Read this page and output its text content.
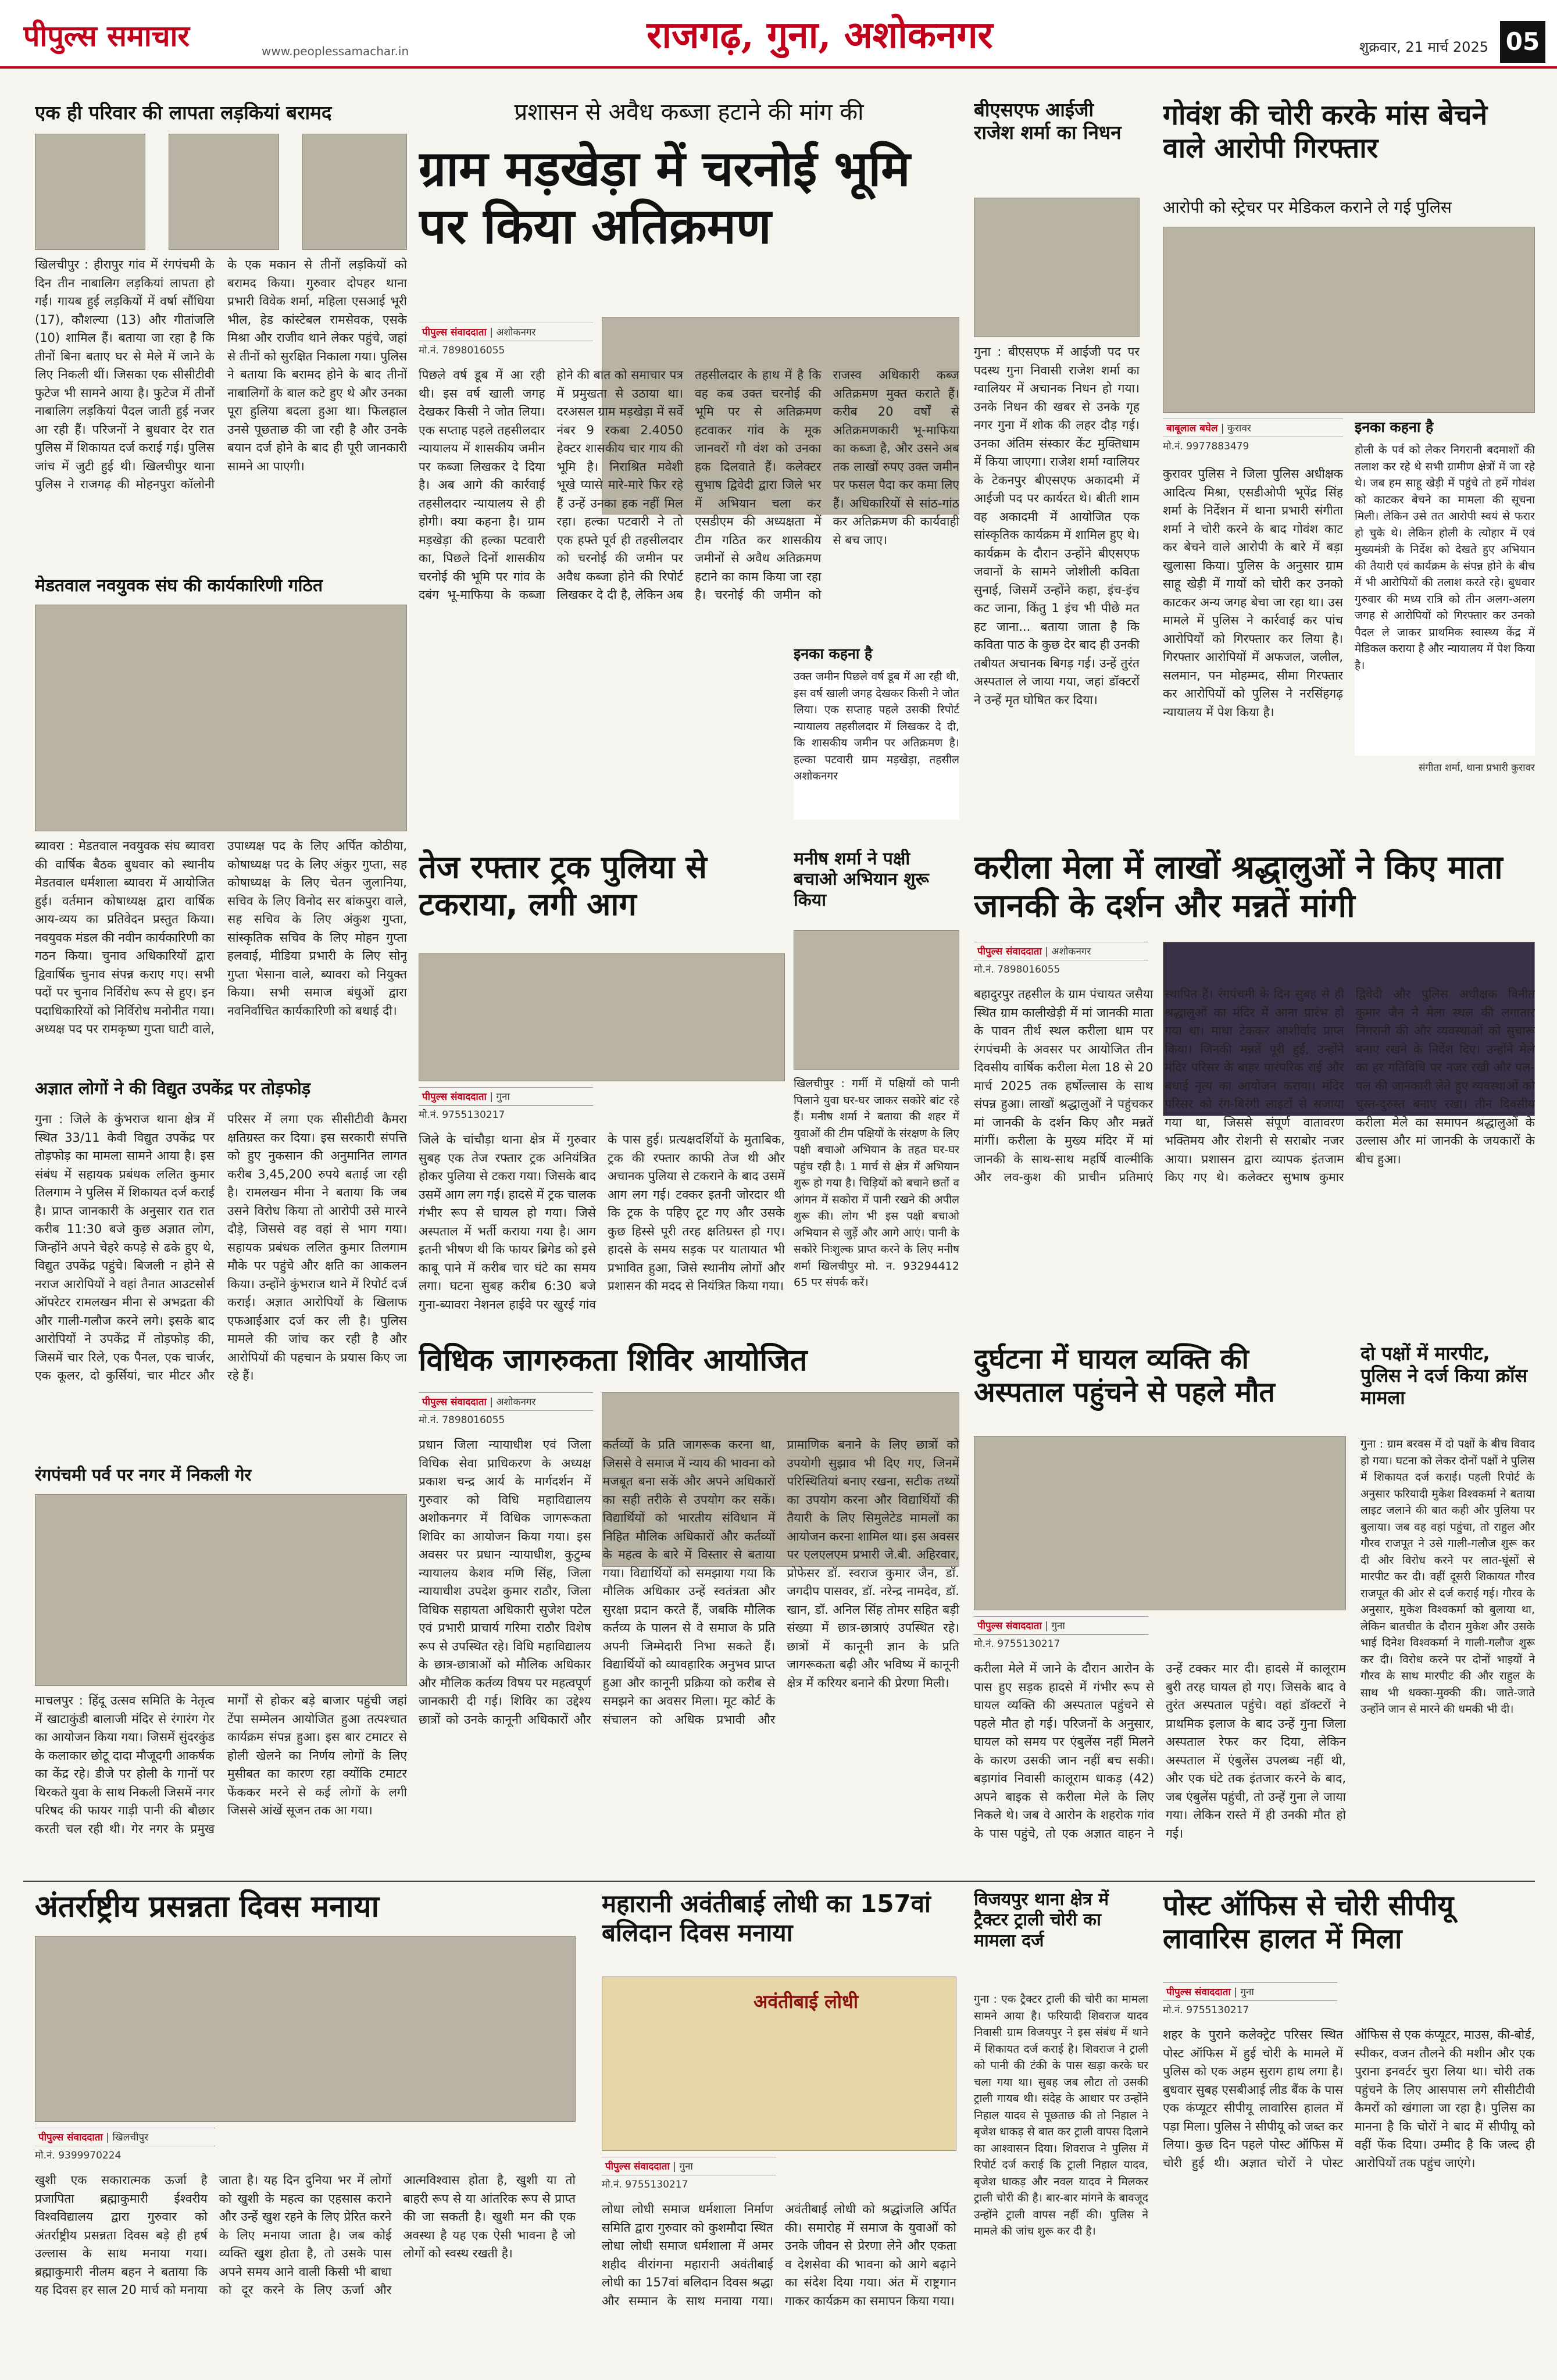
पीपुल्स समाचार	www.peoplessamachar.in	राजगढ़, गुना, अशोकनगर	शुक्रवार, 21 मार्च 2025 05
एक ही परिवार की लापता लड़कियां बरामद
खिलचीपुर : हीरापुर गांव में रंगपंचमी के दिन तीन नाबालिग लड़कियां लापता हो गईं। गायब हुई लड़कियों में वर्षा सौंधिया (17), कौशल्या (13) और गीतांजलि (10) शामिल हैं। बताया जा रहा है कि तीनों बिना बताए घर से मेले में जाने के लिए निकली थीं। जिसका एक सीसीटीवी फुटेज भी सामने आया है। फुटेज में तीनों नाबालिग लड़कियां पैदल जाती हुई नजर आ रही हैं। परिजनों ने बुधवार देर रात पुलिस में शिकायत दर्ज कराई गई। पुलिस जांच में जुटी हुई थी। खिलचीपुर थाना पुलिस ने राजगढ़ की मोहनपुरा कॉलोनी के एक मकान से तीनों लड़कियों को बरामद किया। गुरुवार दोपहर थाना प्रभारी विवेक शर्मा, महिला एसआई भूरी भील, हेड कांस्टेबल रामसेवक, एसके मिश्रा और राजीव थाने लेकर पहुंचे, जहां से तीनों को सुरक्षित निकाला गया। पुलिस ने बताया कि बरामद होने के बाद तीनों नाबालिगों के बाल कटे हुए थे और उनका पूरा हुलिया बदला हुआ था। फिलहाल उनसे पूछताछ की जा रही है और उनके बयान दर्ज होने के बाद ही पूरी जानकारी सामने आ पाएगी।
मेडतवाल नवयुवक संघ की कार्यकारिणी गठित
ब्यावरा : मेडतवाल नवयुवक संघ ब्यावरा की वार्षिक बैठक बुधवार को स्थानीय मेडतवाल धर्मशाला ब्यावरा में आयोजित हुई। वर्तमान कोषाध्यक्ष द्वारा वार्षिक आय-व्यय का प्रतिवेदन प्रस्तुत किया। नवयुवक मंडल की नवीन कार्यकारिणी का गठन किया। चुनाव अधिकारियों द्वारा द्विवार्षिक चुनाव संपन्न कराए गए। सभी पदों पर चुनाव निर्विरोध रूप से हुए। इन पदाधिकारियों को निर्विरोध मनोनीत गया। अध्यक्ष पद पर रामकृष्ण गुप्ता घाटी वाले, उपाध्यक्ष पद के लिए अर्पित कोठीया, कोषाध्यक्ष पद के लिए अंकुर गुप्ता, सह कोषाध्यक्ष के लिए चेतन जुलानिया, सचिव के लिए विनोद सर बांकपुरा वाले, सह सचिव के लिए अंकुश गुप्ता, सांस्कृतिक सचिव के लिए मोहन गुप्ता हलवाई, मीडिया प्रभारी के लिए सोनू गुप्ता भेसाना वाले, ब्यावरा को नियुक्त किया। सभी समाज बंधुओं द्वारा नवनिर्वाचित कार्यकारिणी को बधाई दी।
अज्ञात लोगों ने की विद्युत उपकेंद्र पर तोड़फोड़
गुना : जिले के कुंभराज थाना क्षेत्र में स्थित 33/11 केवी विद्युत उपकेंद्र पर तोड़फोड़ का मामला सामने आया है। इस संबंध में सहायक प्रबंधक ललित कुमार तिलगाम ने पुलिस में शिकायत दर्ज कराई है। प्राप्त जानकारी के अनुसार रात रात करीब 11:30 बजे कुछ अज्ञात लोग, जिन्होंने अपने चेहरे कपड़े से ढके हुए थे, विद्युत उपकेंद्र पहुंचे। बिजली न होने से नराज आरोपियों ने वहां तैनात आउटसोर्स ऑपरेटर रामलखन मीना से अभद्रता की और गाली-गलौज करने लगे। इसके बाद आरोपियों ने उपकेंद्र में तोड़फोड़ की, जिसमें चार रिले, एक पैनल, एक चार्जर, एक कूलर, दो कुर्सियां, चार मीटर और परिसर में लगा एक सीसीटीवी कैमरा क्षतिग्रस्त कर दिया। इस सरकारी संपत्ति को हुए नुकसान की अनुमानित लागत करीब 3,45,200 रुपये बताई जा रही है। रामलखन मीना ने बताया कि जब उसने विरोध किया तो आरोपी उसे मारने दौड़े, जिससे वह वहां से भाग गया। सहायक प्रबंधक ललित कुमार तिलगाम मौके पर पहुंचे और क्षति का आकलन किया। उन्होंने कुंभराज थाने में रिपोर्ट दर्ज कराई। अज्ञात आरोपियों के खिलाफ एफआईआर दर्ज कर ली है। पुलिस मामले की जांच कर रही है और आरोपियों की पहचान के प्रयास किए जा रहे हैं।
रंगपंचमी पर्व पर नगर में निकली गेर
माचलपुर : हिंदू उत्सव समिति के नेतृत्व में खाटाकुंडी बालाजी मंदिर से रंगारंग गेर का आयोजन किया गया। जिसमें सुंदरकुंड के कलाकार छोटू दादा मौजूदगी आकर्षक का केंद्र रहे। डीजे पर होली के गानों पर थिरकते युवा के साथ निकली जिसमें नगर परिषद की फायर गाड़ी पानी की बौछार करती चल रही थी। गेर नगर के प्रमुख मार्गों से होकर बड़े बाजार पहुंची जहां टेंपा सम्मेलन आयोजित हुआ तत्पश्चात कार्यक्रम संपन्न हुआ। इस बार टमाटर से होली खेलने का निर्णय लोगों के लिए मुसीबत का कारण रहा क्योंकि टमाटर फेंककर मरने से कई लोगों के लगी जिससे आंखें सूजन तक आ गया।
प्रशासन से अवैध कब्जा हटाने की मांग की
ग्राम मड़खेड़ा में चरनोई भूमि पर किया अतिक्रमण
पीपुल्स संवाददाता | अशोकनगर
मो.नं. 7898016055
पिछले वर्ष डूब में आ रही थी। इस वर्ष खाली जगह देखकर किसी ने जोत लिया। एक सप्ताह पहले तहसीलदार न्यायालय में शासकीय जमीन पर कब्जा लिखकर दे दिया है। अब आगे की कार्रवाई तहसीलदार न्यायालय से ही होगी। क्या कहना है। ग्राम मड़खेड़ा की हल्का पटवारी का, पिछले दिनों शासकीय चरनोई की भूमि पर गांव के दबंग भू-माफिया के कब्जा होने की बात को समाचार पत्र में प्रमुखता से उठाया था। दरअसल ग्राम मड़खेड़ा में सर्वे नंबर 9 रकबा 2.4050 हेक्टर शासकीय चार गाय की भूमि है। निराश्रित मवेशी भूखे प्यासे मारे-मारे फिर रहे हैं उन्हें उनका हक नहीं मिल रहा। हल्का पटवारी ने तो एक हफ्ते पूर्व ही तहसीलदार को चरनोई की जमीन पर अवैध कब्जा होने की रिपोर्ट लिखकर दे दी है, लेकिन अब तहसीलदार के हाथ में है कि वह कब उक्त चरनोई की भूमि पर से अतिक्रमण हटवाकर गांव के मूक जानवरों गौ वंश को उनका हक दिलवाते हैं। कलेक्टर सुभाष द्विवेदी द्वारा जिले भर में अभियान चला कर एसडीएम की अध्यक्षता में टीम गठित कर शासकीय जमीनों से अवैध अतिक्रमण हटाने का काम किया जा रहा है। चरनोई की जमीन को राजस्व अधिकारी कब्ज अतिक्रमण मुक्त कराते हैं। करीब 20 वर्षों से अतिक्रमणकारी भू-माफिया का कब्जा है, और उसने अब तक लाखों रुपए उक्त जमीन पर फसल पैदा कर कमा लिए हैं। अधिकारियों से सांठ-गांठ कर अतिक्रमण की कार्यवाही से बच जाए।
इनका कहना है
उक्त जमीन पिछले वर्ष डूब में आ रही थी, इस वर्ष खाली जगह देखकर किसी ने जोत लिया। एक सप्ताह पहले उसकी रिपोर्ट न्यायालय तहसीलदार में लिखकर दे दी, कि शासकीय जमीन पर अतिक्रमण है। हल्का पटवारी ग्राम मड़खेड़ा, तहसील अशोकनगर
बीएसएफ आईजी राजेश शर्मा का निधन
गुना : बीएसएफ में आईजी पद पर पदस्थ गुना निवासी राजेश शर्मा का ग्वालियर में अचानक निधन हो गया। उनके निधन की खबर से उनके गृह नगर गुना में शोक की लहर दौड़ गई। उनका अंतिम संस्कार केंट मुक्तिधाम में किया जाएगा। राजेश शर्मा ग्वालियर के टेकनपुर बीएसएफ अकादमी में आईजी पद पर कार्यरत थे। बीती शाम वह अकादमी में आयोजित एक सांस्कृतिक कार्यक्रम में शामिल हुए थे। कार्यक्रम के दौरान उन्होंने बीएसएफ जवानों के सामने जोशीली कविता सुनाई, जिसमें उन्होंने कहा, इंच-इंच कट जाना, किंतु 1 इंच भी पीछे मत हट जाना... बताया जाता है कि कविता पाठ के कुछ देर बाद ही उनकी तबीयत अचानक बिगड़ गई। उन्हें तुरंत अस्पताल ले जाया गया, जहां डॉक्टरों ने उन्हें मृत घोषित कर दिया।
गोवंश की चोरी करके मांस बेचने वाले आरोपी गिरफ्तार
आरोपी को स्ट्रेचर पर मेडिकल कराने ले गई पुलिस
बाबूलाल बघेल | कुरावर
मो.नं. 9977883479
कुरावर पुलिस ने जिला पुलिस अधीक्षक आदित्य मिश्रा, एसडीओपी भूपेंद्र सिंह शर्मा के निर्देशन में थाना प्रभारी संगीता शर्मा ने चोरी करने के बाद गोवंश काट कर बेचने वाले आरोपी के बारे में बड़ा खुलासा किया। पुलिस के अनुसार ग्राम साहू खेड़ी में गायों को चोरी कर उनको काटकर अन्य जगह बेचा जा रहा था। उस मामले में पुलिस ने कार्रवाई कर पांच आरोपियों को गिरफ्तार कर लिया है। गिरफ्तार आरोपियों में अफजल, जलील, सलमान, पन मोहम्मद, सीमा गिरफ्तार कर आरोपियों को पुलिस ने नरसिंहगढ़ न्यायालय में पेश किया है।
इनका कहना है
होली के पर्व को लेकर निगरानी बदमाशों की तलाश कर रहे थे सभी ग्रामीण क्षेत्रों में जा रहे थे। जब हम साहू खेड़ी में पहुंचे तो हमें गोवंश को काटकर बेचने का मामला की सूचना मिली। लेकिन उसे तत आरोपी स्वयं से फरार हो चुके थे। लेकिन होली के त्योहार में एवं मुख्यमंत्री के निर्देश को देखते हुए अभियान की तैयारी एवं कार्यक्रम के संपन्न होने के बीच में भी आरोपियों की तलाश करते रहे। बुधवार गुरुवार की मध्य रात्रि को तीन अलग-अलग जगह से आरोपियों को गिरफ्तार कर उनको पैदल ले जाकर प्राथमिक स्वास्थ्य केंद्र में मेडिकल कराया है और न्यायालय में पेश किया है।
संगीता शर्मा, थाना प्रभारी कुरावर
तेज रफ्तार ट्रक पुलिया से टकराया, लगी आग
पीपुल्स संवाददाता | गुना
मो.नं. 9755130217
जिले के चांचौड़ा थाना क्षेत्र में गुरुवार सुबह एक तेज रफ्तार ट्रक अनियंत्रित होकर पुलिया से टकरा गया। जिसके बाद उसमें आग लग गई। हादसे में ट्रक चालक गंभीर रूप से घायल हो गया। जिसे अस्पताल में भर्ती कराया गया है। आग इतनी भीषण थी कि फायर ब्रिगेड को इसे काबू पाने में करीब चार घंटे का समय लगा। घटना सुबह करीब 6:30 बजे गुना-ब्यावरा नेशनल हाईवे पर खुरई गांव के पास हुई। प्रत्यक्षदर्शियों के मुताबिक, ट्रक की रफ्तार काफी तेज थी और अचानक पुलिया से टकराने के बाद उसमें आग लग गई। टक्कर इतनी जोरदार थी कि ट्रक के पहिए टूट गए और उसके कुछ हिस्से पूरी तरह क्षतिग्रस्त हो गए। हादसे के समय सड़क पर यातायात भी प्रभावित हुआ, जिसे स्थानीय लोगों और प्रशासन की मदद से नियंत्रित किया गया।
मनीष शर्मा ने पक्षी बचाओ अभियान शुरू किया
खिलचीपुर : गर्मी में पक्षियों को पानी पिलाने युवा घर-घर जाकर सकोरे बांट रहे हैं। मनीष शर्मा ने बताया की शहर में युवाओं की टीम पक्षियों के संरक्षण के लिए पक्षी बचाओ अभियान के तहत घर-घर पहुंच रही है। 1 मार्च से क्षेत्र में अभियान शुरू हो गया है। चिड़ियों को बचाने छतों व आंगन में सकोरा में पानी रखने की अपील शुरू की। लोग भी इस पक्षी बचाओ अभियान से जुड़ें और आगे आएं। पानी के सकोरे निःशुल्क प्राप्त करने के लिए मनीष शर्मा खिलचीपुर मो. न. 93294412 65 पर संपर्क करें।
करीला मेला में लाखों श्रद्धालुओं ने किए माता जानकी के दर्शन और मन्नतें मांगी
पीपुल्स संवाददाता | अशोकनगर
मो.नं. 7898016055
बहादुरपुर तहसील के ग्राम पंचायत जसैया स्थित ग्राम कालीखेड़ी में मां जानकी माता के पावन तीर्थ स्थल करीला धाम पर रंगपंचमी के अवसर पर आयोजित तीन दिवसीय वार्षिक करीला मेला 18 से 20 मार्च 2025 तक हर्षोल्लास के साथ संपन्न हुआ। लाखों श्रद्धालुओं ने पहुंचकर मां जानकी के दर्शन किए और मन्नतें मांगीं। करीला के मुख्य मंदिर में मां जानकी के साथ-साथ महर्षि वाल्मीकि और लव-कुश की प्राचीन प्रतिमाएं स्थापित हैं। रंगपंचमी के दिन सुबह से ही श्रद्धालुओं का मंदिर में आना प्रारंभ हो गया था। माथा टेककर आशीर्वाद प्राप्त किया। जिनकी मन्नतें पूरी हुईं, उन्होंने मंदिर परिसर के बाहर पारंपरिक राई और बधाई नृत्य का आयोजन कराया। मंदिर परिसर को रंग-बिरंगी लाइटों से सजाया गया था, जिससे संपूर्ण वातावरण भक्तिमय और रोशनी से सराबोर नजर आया। प्रशासन द्वारा व्यापक इंतजाम किए गए थे। कलेक्टर सुभाष कुमार द्विवेदी और पुलिस अधीक्षक विनीत कुमार जैन ने मेला स्थल की लगातार निगरानी की और व्यवस्थाओं को सुचारू बनाए रखने के निर्देश दिए। उन्होंने मेले का हर गतिविधि पर नजर रखी और पल-पल की जानकारी लेते हुए व्यवस्थाओं को चुस्त-दुरुस्त बनाए रखा। तीन दिवसीय करीला मेले का समापन श्रद्धालुओं के उल्लास और मां जानकी के जयकारों के बीच हुआ।
विधिक जागरुकता शिविर आयोजित
पीपुल्स संवाददाता | अशोकनगर
मो.नं. 7898016055
प्रधान जिला न्यायाधीश एवं जिला विधिक सेवा प्राधिकरण के अध्यक्ष प्रकाश चन्द्र आर्य के मार्गदर्शन में गुरुवार को विधि महाविद्यालय अशोकनगर में विधिक जागरूकता शिविर का आयोजन किया गया। इस अवसर पर प्रधान न्यायाधीश, कुटुम्ब न्यायालय केशव मणि सिंह, जिला न्यायाधीश उपदेश कुमार राठौर, जिला विधिक सहायता अधिकारी सुजेश पटेल एवं प्रभारी प्राचार्य गरिमा राठौर विशेष रूप से उपस्थित रहे। विधि महाविद्यालय के छात्र-छात्राओं को मौलिक अधिकार और मौलिक कर्तव्य विषय पर महत्वपूर्ण जानकारी दी गई। शिविर का उद्देश्य छात्रों को उनके कानूनी अधिकारों और कर्तव्यों के प्रति जागरूक करना था, जिससे वे समाज में न्याय की भावना को मजबूत बना सकें और अपने अधिकारों का सही तरीके से उपयोग कर सकें। विद्यार्थियों को भारतीय संविधान में निहित मौलिक अधिकारों और कर्तव्यों के महत्व के बारे में विस्तार से बताया गया। विद्यार्थियों को समझाया गया कि मौलिक अधिकार उन्हें स्वतंत्रता और सुरक्षा प्रदान करते हैं, जबकि मौलिक कर्तव्य के पालन से वे समाज के प्रति अपनी जिम्मेदारी निभा सकते हैं। विद्यार्थियों को व्यावहारिक अनुभव प्राप्त हुआ और कानूनी प्रक्रिया को करीब से समझने का अवसर मिला। मूट कोर्ट के संचालन को अधिक प्रभावी और प्रामाणिक बनाने के लिए छात्रों को उपयोगी सुझाव भी दिए गए, जिनमें परिस्थितियां बनाए रखना, सटीक तथ्यों का उपयोग करना और विद्यार्थियों की तैयारी के लिए सिमुलेटेड मामलों का आयोजन करना शामिल था। इस अवसर पर एलएलएम प्रभारी जे.बी. अहिरवार, प्रोफेसर डॉ. स्वराज कुमार जैन, डॉ. जगदीप पासवर, डॉ. नरेन्द्र नामदेव, डॉ. खान, डॉ. अनिल सिंह तोमर सहित बड़ी संख्या में छात्र-छात्राएं उपस्थित रहे। छात्रों में कानूनी ज्ञान के प्रति जागरूकता बढ़ी और भविष्य में कानूनी क्षेत्र में करियर बनाने की प्रेरणा मिली।
दुर्घटना में घायल व्यक्ति की अस्पताल पहुंचने से पहले मौत
पीपुल्स संवाददाता | गुना
मो.नं. 9755130217
करीला मेले में जाने के दौरान आरोन के पास हुए सड़क हादसे में गंभीर रूप से घायल व्यक्ति की अस्पताल पहुंचने से पहले मौत हो गई। परिजनों के अनुसार, घायल को समय पर एंबुलेंस नहीं मिलने के कारण उसकी जान नहीं बच सकी। बड़ागांव निवासी कालूराम धाकड़ (42) अपने बाइक से करीला मेले के लिए निकले थे। जब वे आरोन के शहरोक गांव के पास पहुंचे, तो एक अज्ञात वाहन ने उन्हें टक्कर मार दी। हादसे में कालूराम बुरी तरह घायल हो गए। जिसके बाद वे तुरंत अस्पताल पहुंचे। वहां डॉक्टरों ने प्राथमिक इलाज के बाद उन्हें गुना जिला अस्पताल रेफर कर दिया, लेकिन अस्पताल में एंबुलेंस उपलब्ध नहीं थी, और एक घंटे तक इंतजार करने के बाद, जब एंबुलेंस पहुंची, तो उन्हें गुना ले जाया गया। लेकिन रास्ते में ही उनकी मौत हो गई।
दो पक्षों में मारपीट, पुलिस ने दर्ज किया क्रॉस मामला
गुना : ग्राम बरवस में दो पक्षों के बीच विवाद हो गया। घटना को लेकर दोनों पक्षों ने पुलिस में शिकायत दर्ज कराई। पहली रिपोर्ट के अनुसार फरियादी मुकेश विश्वकर्मा ने बताया लाइट जलाने की बात कही और पुलिया पर बुलाया। जब वह वहां पहुंचा, तो राहुल और गौरव राजपूत ने उसे गाली-गलौज शुरू कर दी और विरोध करने पर लात-घूंसों से मारपीट कर दी। वहीं दूसरी शिकायत गौरव राजपूत की ओर से दर्ज कराई गई। गौरव के अनुसार, मुकेश विश्वकर्मा को बुलाया था, लेकिन बातचीत के दौरान मुकेश और उसके भाई दिनेश विश्वकर्मा ने गाली-गलौज शुरू कर दी। विरोध करने पर दोनों भाइयों ने गौरव के साथ मारपीट की और राहुल के साथ भी धक्का-मुक्की की। जाते-जाते उन्होंने जान से मारने की धमकी भी दी।
अंतर्राष्ट्रीय प्रसन्नता दिवस मनाया
पीपुल्स संवाददाता | खिलचीपुर
मो.नं. 9399970224
खुशी एक सकारात्मक ऊर्जा है प्रजापिता ब्रह्माकुमारी ईश्वरीय विश्वविद्यालय द्वारा गुरुवार को अंतर्राष्ट्रीय प्रसन्नता दिवस बड़े ही हर्ष उल्लास के साथ मनाया गया। ब्रह्माकुमारी नीलम बहन ने बताया कि यह दिवस हर साल 20 मार्च को मनाया जाता है। यह दिन दुनिया भर में लोगों को खुशी के महत्व का एहसास कराने और उन्हें खुश रहने के लिए प्रेरित करने के लिए मनाया जाता है। जब कोई व्यक्ति खुश होता है, तो उसके पास अपने समय आने वाली किसी भी बाधा को दूर करने के लिए ऊर्जा और आत्मविश्वास होता है, खुशी या तो बाहरी रूप से या आंतरिक रूप से प्राप्त की जा सकती है। खुशी मन की एक अवस्था है यह एक ऐसी भावना है जो लोगों को स्वस्थ रखती है।
महारानी अवंतीबाई लोधी का 157वां बलिदान दिवस मनाया
अवंतीबाई लोधी
पीपुल्स संवाददाता | गुना
मो.नं. 9755130217
लोधा लोधी समाज धर्मशाला निर्माण समिति द्वारा गुरुवार को कुशमौदा स्थित लोधा लोधी समाज धर्मशाला में अमर शहीद वीरांगना महारानी अवंतीबाई लोधी का 157वां बलिदान दिवस श्रद्धा और सम्मान के साथ मनाया गया। अवंतीबाई लोधी को श्रद्धांजलि अर्पित की। समारोह में समाज के युवाओं को उनके जीवन से प्रेरणा लेने और एकता व देशसेवा की भावना को आगे बढ़ाने का संदेश दिया गया। अंत में राष्ट्रगान गाकर कार्यक्रम का समापन किया गया।
विजयपुर थाना क्षेत्र में ट्रैक्टर ट्राली चोरी का मामला दर्ज
गुना : एक ट्रैक्टर ट्राली की चोरी का मामला सामने आया है। फरियादी शिवराज यादव निवासी ग्राम विजयपुर ने इस संबंध में थाने में शिकायत दर्ज कराई है। शिवराज ने ट्राली को पानी की टंकी के पास खड़ा करके घर चला गया था। सुबह जब लौटा तो उसकी ट्राली गायब थी। संदेह के आधार पर उन्होंने निहाल यादव से पूछताछ की तो निहाल ने बृजेश धाकड़ से बात कर ट्राली वापस दिलाने का आश्वासन दिया। शिवराज ने पुलिस में रिपोर्ट दर्ज कराई कि ट्राली निहाल यादव, बृजेश धाकड़ और नवल यादव ने मिलकर ट्राली चोरी की है। बार-बार मांगने के बावजूद उन्होंने ट्राली वापस नहीं की। पुलिस ने मामले की जांच शुरू कर दी है।
पोस्ट ऑफिस से चोरी सीपीयू लावारिस हालत में मिला
पीपुल्स संवाददाता | गुना
मो.नं. 9755130217
शहर के पुराने कलेक्ट्रेट परिसर स्थित पोस्ट ऑफिस में हुई चोरी के मामले में पुलिस को एक अहम सुराग हाथ लगा है। बुधवार सुबह एसबीआई लीड बैंक के पास एक कंप्यूटर सीपीयू लावारिस हालत में पड़ा मिला। पुलिस ने सीपीयू को जब्त कर लिया। कुछ दिन पहले पोस्ट ऑफिस में चोरी हुई थी। अज्ञात चोरों ने पोस्ट ऑफिस से एक कंप्यूटर, माउस, की-बोर्ड, स्पीकर, वजन तौलने की मशीन और एक पुराना इनवर्टर चुरा लिया था। चोरी तक पहुंचने के लिए आसपास लगे सीसीटीवी कैमरों को खंगाला जा रहा है। पुलिस का मानना है कि चोरों ने बाद में सीपीयू को वहीं फेंक दिया। उम्मीद है कि जल्द ही आरोपियों तक पहुंच जाएंगे।
